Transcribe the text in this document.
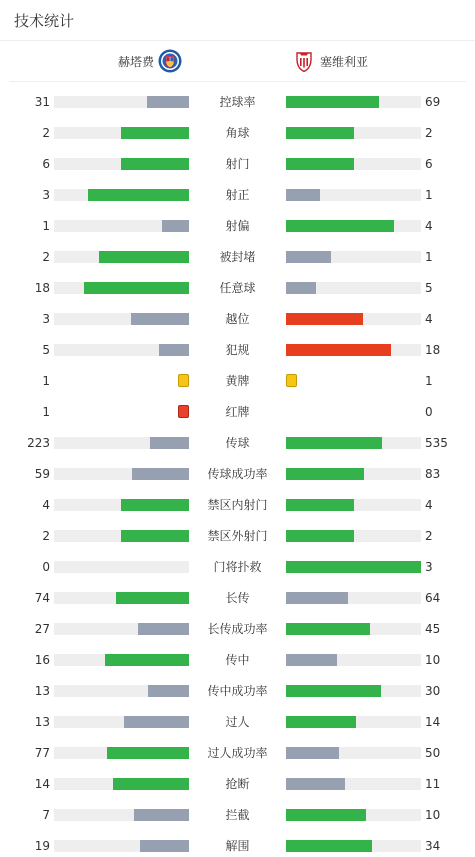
技术统计
赫塔费	塞维利亚
31	控球率	69
2	角球	2
6	射门	6
3	射正	1
1	射偏	4
2	被封堵	1
18	任意球	5
3	越位	4
5	犯规	18
1	黄牌	1
1	红牌	0
223	传球	535
59	传球成功率	83
4	禁区内射门	4
2	禁区外射门	2
0	门将扑救	3
74	长传	64
27	长传成功率	45
16	传中	10
13	传中成功率	30
13	过人	14
77	过人成功率	50
14	抢断	11
7	拦截	10
19	解围	34
